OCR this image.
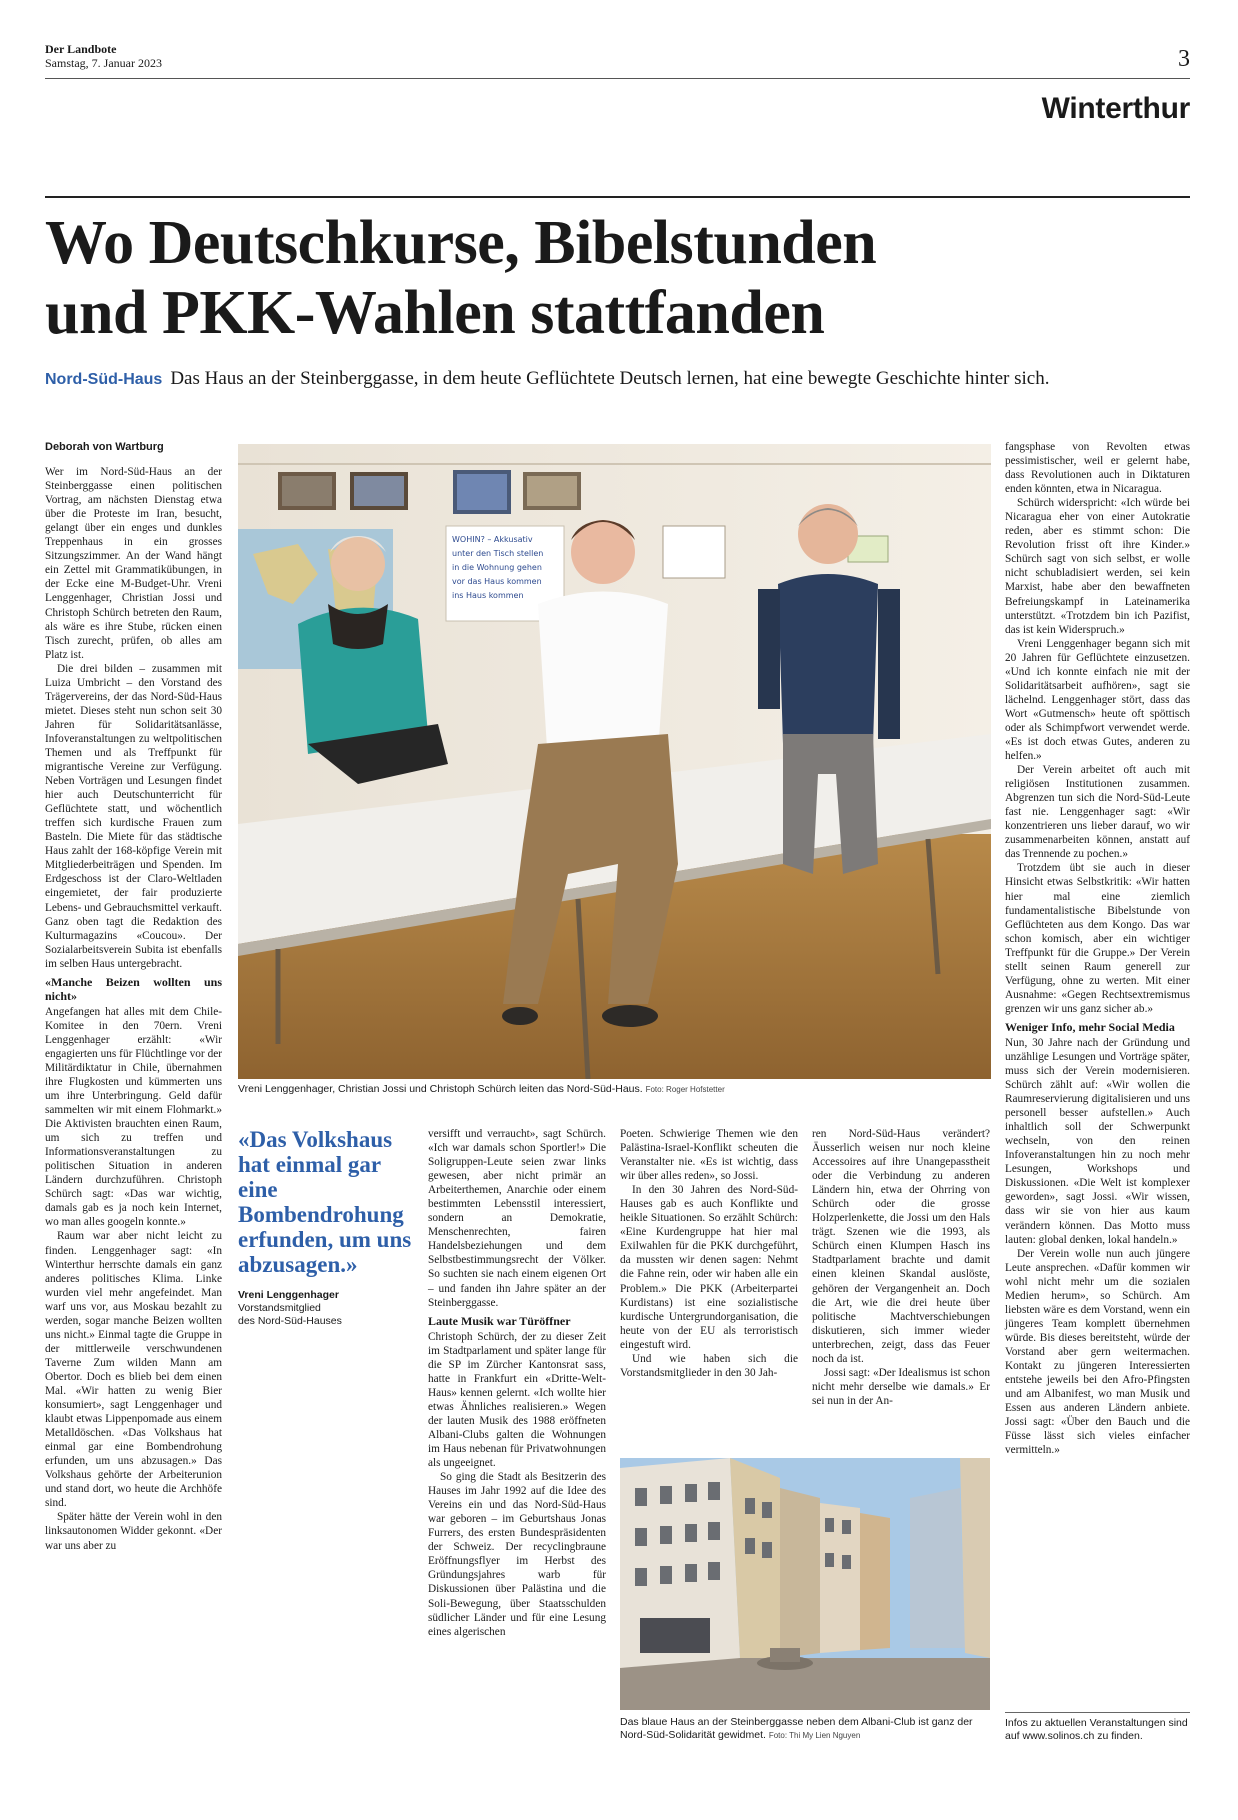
Der Landbote
Samstag, 7. Januar 2023	3
Winterthur
Wo Deutschkurse, Bibelstunden
und PKK-Wahlen stattfanden
Nord-Süd-Haus Das Haus an der Steinberggasse, in dem heute Geflüchtete Deutsch lernen, hat eine bewegte Geschichte hinter sich.
Deborah von Wartburg

Wer im Nord-Süd-Haus an der Steinberggasse einen politischen Vortrag, am nächsten Dienstag etwa über die Proteste im Iran, besucht, gelangt über ein enges und dunkles Treppenhaus in ein grosses Sitzungszimmer. An der Wand hängt ein Zettel mit Grammatikübungen, in der Ecke eine M-Budget-Uhr. Vreni Lenggenhager, Christian Jossi und Christoph Schürch betreten den Raum, als wäre es ihre Stube, rücken einen Tisch zurecht, prüfen, ob alles am Platz ist.

Die drei bilden – zusammen mit Luiza Umbricht – den Vorstand des Trägervereins, der das Nord-Süd-Haus mietet. Dieses steht nun schon seit 30 Jahren für Solidaritätsanlässe, Infoveranstaltungen zu weltpolitischen Themen und als Treffpunkt für migrantische Vereine zur Verfügung. Neben Vorträgen und Lesungen findet hier auch Deutschunterricht für Geflüchtete statt, und wöchentlich treffen sich kurdische Frauen zum Basteln. Die Miete für das städtische Haus zahlt der 168-köpfige Verein mit Mitgliederbeiträgen und Spenden. Im Erdgeschoss ist der Claro-Weltladen eingemietet, der fair produzierte Lebens- und Gebrauchsmittel verkauft. Ganz oben tagt die Redaktion des Kulturmagazins «Coucou». Der Sozialarbeitsverein Subita ist ebenfalls im selben Haus untergebracht.

«Manche Beizen wollten uns nicht»

Angefangen hat alles mit dem Chile-Komitee in den 70ern. Vreni Lenggenhager erzählt: «Wir engagierten uns für Flüchtlinge vor der Militärdiktatur in Chile, übernahmen ihre Flugkosten und kümmerten uns um ihre Unterbringung. Geld dafür sammelten wir mit einem Flohmarkt.» Die Aktivisten brauchten einen Raum, um sich zu treffen und Informationsveranstaltungen zu politischen Situation in anderen Ländern durchzuführen. Christoph Schürch sagt: «Das war wichtig, damals gab es ja noch kein Internet, wo man alles googeln konnte.»

Raum war aber nicht leicht zu finden. Lenggenhager sagt: «In Winterthur herrschte damals ein ganz anderes politisches Klima. Linke wurden viel mehr angefeindet. Man warf uns vor, aus Moskau bezahlt zu werden, sogar manche Beizen wollten uns nicht.» Einmal tagte die Gruppe in der mittlerweile verschwundenen Taverne Zum wilden Mann am Obertor. Doch es blieb bei dem einen Mal. «Wir hatten zu wenig Bier konsumiert», sagt Lenggenhager und klaubt etwas Lippenpomade aus einem Metalldöschen. «Das Volkshaus hat einmal gar eine Bombendrohung erfunden, um uns abzusagen.» Das Volkshaus gehörte der Arbeiterunion und stand dort, wo heute die Archhöfe sind.

Später hätte der Verein wohl in den linksautonomen Widder gekonnt. «Der war uns aber zu

WOHIN? – Akkusativ unter den Tisch stellen in die Wohnung gehen vor das Haus kommen ins Haus kommen
Vreni Lenggenhager, Christian Jossi und Christoph Schürch leiten das Nord-Süd-Haus. Foto: Roger Hofstetter
«Das Volkshaus hat einmal gar eine Bombendrohung erfunden, um uns abzusagen.»
Vreni Lenggenhager
Vorstandsmitglied
des Nord-Süd-Hauses

versifft und verraucht», sagt Schürch. «Ich war damals schon Sportler!» Die Soligruppen-Leute seien zwar links gewesen, aber nicht primär an Arbeiterthemen, Anarchie oder einem bestimmten Lebensstil interessiert, sondern an Demokratie, Menschenrechten, fairen Handelsbeziehungen und dem Selbstbestimmungsrecht der Völker. So suchten sie nach einem eigenen Ort – und fanden ihn Jahre später an der Steinberggasse.

Laute Musik war Türöffner

Christoph Schürch, der zu dieser Zeit im Stadtparlament und später lange für die SP im Zürcher Kantonsrat sass, hatte in Frankfurt ein «Dritte-Welt-Haus» kennen gelernt. «Ich wollte hier etwas Ähnliches realisieren.» Wegen der lauten Musik des 1988 eröffneten Albani-Clubs galten die Wohnungen im Haus nebenan für Privatwohnungen als ungeeignet.

So ging die Stadt als Besitzerin des Hauses im Jahr 1992 auf die Idee des Vereins ein und das Nord-Süd-Haus war geboren – im Geburtshaus Jonas Furrers, des ersten Bundespräsidenten der Schweiz. Der recyclingbraune Eröffnungsflyer im Herbst des Gründungsjahres warb für Diskussionen über Palästina und die Soli-Bewegung, über Staatsschulden südlicher Länder und für eine Lesung eines algerischen

Poeten. Schwierige Themen wie den Palästina-Israel-Konflikt scheuten die Veranstalter nie. «Es ist wichtig, dass wir über alles reden», so Jossi.

In den 30 Jahren des Nord-Süd-Hauses gab es auch Konflikte und heikle Situationen. So erzählt Schürch: «Eine Kurdengruppe hat hier mal Exilwahlen für die PKK durchgeführt, da mussten wir denen sagen: Nehmt die Fahne rein, oder wir haben alle ein Problem.» Die PKK (Arbeiterpartei Kurdistans) ist eine sozialistische kurdische Untergrundorganisation, die heute von der EU als terroristisch eingestuft wird.

Und wie haben sich die Vorstandsmitglieder in den 30 Jah-

ren Nord-Süd-Haus verändert? Äusserlich weisen nur noch kleine Accessoires auf ihre Unangepasstheit oder die Verbindung zu anderen Ländern hin, etwa der Ohrring von Schürch oder die grosse Holzperlenkette, die Jossi um den Hals trägt. Szenen wie die 1993, als Schürch einen Klumpen Hasch ins Stadtparlament brachte und damit einen kleinen Skandal auslöste, gehören der Vergangenheit an. Doch die Art, wie die drei heute über politische Machtverschiebungen diskutieren, sich immer wieder unterbrechen, zeigt, dass das Feuer noch da ist.

Jossi sagt: «Der Idealismus ist schon nicht mehr derselbe wie damals.» Er sei nun in der An-

Das blaue Haus an der Steinberggasse neben dem Albani-Club ist ganz der Nord-Süd-Solidarität gewidmet. Foto: Thi My Lien Nguyen

fangsphase von Revolten etwas pessimistischer, weil er gelernt habe, dass Revolutionen auch in Diktaturen enden könnten, etwa in Nicaragua.

Schürch widerspricht: «Ich würde bei Nicaragua eher von einer Autokratie reden, aber es stimmt schon: Die Revolution frisst oft ihre Kinder.» Schürch sagt von sich selbst, er wolle nicht schubladisiert werden, sei kein Marxist, habe aber den bewaffneten Befreiungskampf in Lateinamerika unterstützt. «Trotzdem bin ich Pazifist, das ist kein Widerspruch.»

Vreni Lenggenhager begann sich mit 20 Jahren für Geflüchtete einzusetzen. «Und ich konnte einfach nie mit der Solidaritätsarbeit aufhören», sagt sie lächelnd. Lenggenhager stört, dass das Wort «Gutmensch» heute oft spöttisch oder als Schimpfwort verwendet werde. «Es ist doch etwas Gutes, anderen zu helfen.»

Der Verein arbeitet oft auch mit religiösen Institutionen zusammen. Abgrenzen tun sich die Nord-Süd-Leute fast nie. Lenggenhager sagt: «Wir konzentrieren uns lieber darauf, wo wir zusammenarbeiten können, anstatt auf das Trennende zu pochen.»

Trotzdem übt sie auch in dieser Hinsicht etwas Selbstkritik: «Wir hatten hier mal eine ziemlich fundamentalistische Bibelstunde von Geflüchteten aus dem Kongo. Das war schon komisch, aber ein wichtiger Treffpunkt für die Gruppe.» Der Verein stellt seinen Raum generell zur Verfügung, ohne zu werten. Mit einer Ausnahme: «Gegen Rechtsextremismus grenzen wir uns ganz sicher ab.»

Weniger Info, mehr Social Media

Nun, 30 Jahre nach der Gründung und unzählige Lesungen und Vorträge später, muss sich der Verein modernisieren. Schürch zählt auf: «Wir wollen die Raumreservierung digitalisieren und uns personell besser aufstellen.» Auch inhaltlich soll der Schwerpunkt wechseln, von den reinen Infoveranstaltungen hin zu noch mehr Lesungen, Workshops und Diskussionen. «Die Welt ist komplexer geworden», sagt Jossi. «Wir wissen, dass wir sie von hier aus kaum verändern können. Das Motto muss lauten: global denken, lokal handeln.»

Der Verein wolle nun auch jüngere Leute ansprechen. «Dafür kommen wir wohl nicht mehr um die sozialen Medien herum», so Schürch. Am liebsten wäre es dem Vorstand, wenn ein jüngeres Team komplett übernehmen würde. Bis dieses bereitsteht, würde der Vorstand aber gern weitermachen. Kontakt zu jüngeren Interessierten entstehe jeweils bei den Afro-Pfingsten und am Albanifest, wo man Musik und Essen aus anderen Ländern anbiete. Jossi sagt: «Über den Bauch und die Füsse lässt sich vieles einfacher vermitteln.»

Infos zu aktuellen Veranstaltungen sind auf www.solinos.ch zu finden.
